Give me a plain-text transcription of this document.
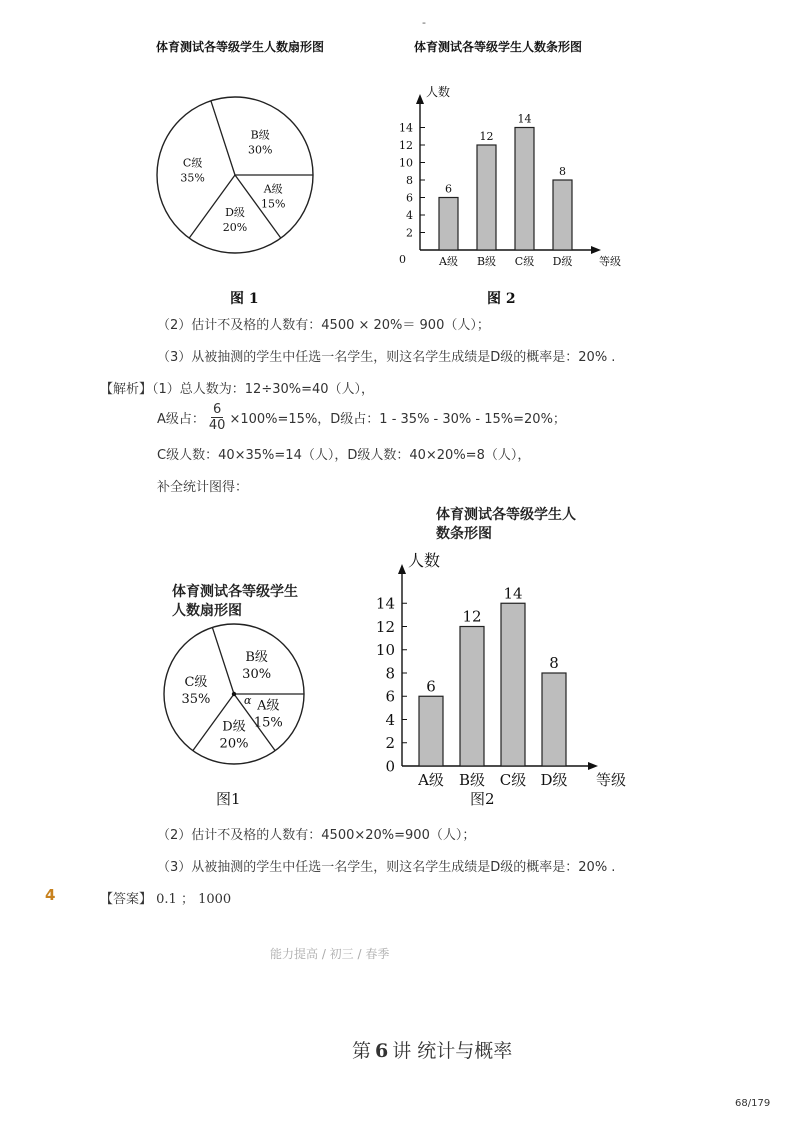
-
体育测试各等级学生人数扇形图	体育测试各等级学生人数条形图
B级
30%
C级
35%
D级
20%
A级
15%
2
4
6
8
10
12
14
0
人数
6
A级
12
B级
14
C级
8
D级 等级
图 1	图 2
（2）估计不及格的人数有：4500 × 20%＝ 900（人）；
（3）从被抽测的学生中任选一名学生，则这名学生成绩是D级的概率是：20% .
【解析】（1）总人数为：12÷30%=40（人），
A级占： $\frac{6}{40} \times 100\%=15\%$，D级占：1 - 35% - 30% - 15%=20%；
C级人数：40×35%=14（人），D级人数：40×20%=8（人），
补全统计图得：
体育测试各等级学生
人数扇形图
体育测试各等级学生人
数条形图
B级
30%
C级
35%
D级
20%
A级
15%
α
0
2
4
6
8
10
12
14
人数
6
A级
12
B级
14
C级
8
D级 等级
图1	图2
（2）估计不及格的人数有：4500×20%=900（人）；
（3）从被抽测的学生中任选一名学生，则这名学生成绩是D级的概率是：20% .
4	【答案】 0.1 ； 1000
能力提高 / 初三 / 春季
第 6 讲 统计与概率
68/179
